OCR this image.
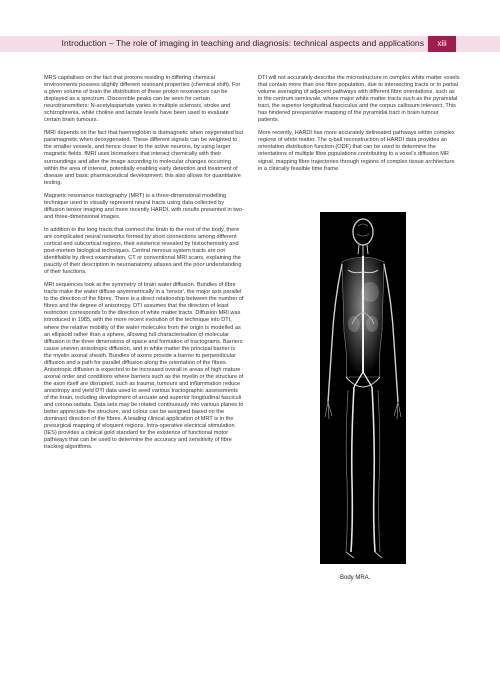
Introduction – The role of imaging in teaching and diagnosis: technical aspects and applications	xiii

MRS capitalises on the fact that protons residing in differing chemical environments possess slightly different resonant properties (chemical shift). For a given volume of brain the distribution of these proton resonances can be displayed as a spectrum. Discernible peaks can be seen for certain neurotransmitters: N-acetylaspartate varies in multiple sclerosis, stroke and schizophrenia, while choline and lactate levels have been used to evaluate certain brain tumours.

fMRI depends on the fact that haemoglobin is diamagnetic when oxygenated but paramagnetic when deoxygenated. These different signals can be weighted to the smaller vessels, and hence closer to the active neurons, by using larger magnetic fields. fMRI uses biomarkers that interact chemically with their surroundings and alter the image according to molecular changes occurring within the area of interest, potentially enabling early detection and treatment of disease and basic pharmaceutical development; this also allows for quantitative testing.

Magnetic resonance tractography (MRT) is a three-dimensional modelling technique used to visually represent neural tracts using data collected by diffusion tensor imaging and more recently HARDI, with results presented in two- and three-dimensional images.

In addition to the long tracts that connect the brain to the rest of the body, there are complicated neural networks formed by short connections among different cortical and subcortical regions, their existence revealed by histochemistry and post-mortem biological techniques. Central nervous system tracts are not identifiable by direct examination, CT or conventional MRI scans, explaining the paucity of their description in neuroanatomy atlases and the poor understanding of their functions.

MRI sequences look at the symmetry of brain water diffusion. Bundles of fibre tracts make the water diffuse asymmetrically in a 'tensor', the major axis parallel to the direction of the fibres. There is a direct relationship between the number of fibres and the degree of anisotropy. DTI assumes that the direction of least restriction corresponds to the direction of white matter tracts. Diffusion MRI was introduced in 1985, with the more recent evolution of the technique into DTI, where the relative mobility of the water molecules from the origin is modelled as an ellipsoid rather than a sphere, allowing full characterisation of molecular diffusion in the three dimensions of space and formation of tractograms. Barriers cause uneven anisotropic diffusion, and in white matter the principal barrier is the myelin axonal sheath. Bundles of axons provide a barrier to perpendicular diffusion and a path for parallel diffusion along the orientation of the fibres. Anisotropic diffusion is expected to be increased overall in areas of high mature axonal order and conditions where barriers such as the myelin or the structure of the axon itself are disrupted, such as trauma; tumours and inflammation reduce anisotropy and yield DTI data used to seed various tractographic assessments of the brain, including development of arcuate and superior longitudinal fasciculi and corona radiata. Data sets may be rotated continuously into various planes to better appreciate the structure, and colour can be assigned based on the dominant direction of the fibres. A leading clinical application of MRT is in the presurgical mapping of eloquent regions. Intra-operative electrical stimulation (IES) provides a clinical gold standard for the existence of functional motor pathways that can be used to determine the accuracy and sensitivity of fibre tracking algorithms.

DTI will not accurately describe the microstructure in complex white matter voxels that contain more than one fibre population, due to intersecting tracts or to partial volume averaging of adjacent pathways with different fibre orientations, such as in the centrum semiovale, where major white matter tracts such as the pyramidal tract, the superior longitudinal fasciculus and the corpus callosum intersect. This has hindered preoperative mapping of the pyramidal tract in brain tumour patients.

More recently, HARDI has more accurately delineated pathways within complex regions of white matter. The q-ball reconstruction of HARDI data provides an orientation distribution function (ODF) that can be used to determine the orientations of multiple fibre populations contributing to a voxel's diffusion MR signal, mapping fibre trajectories through regions of complex tissue architecture in a clinically feasible time frame.

Body MRA.
